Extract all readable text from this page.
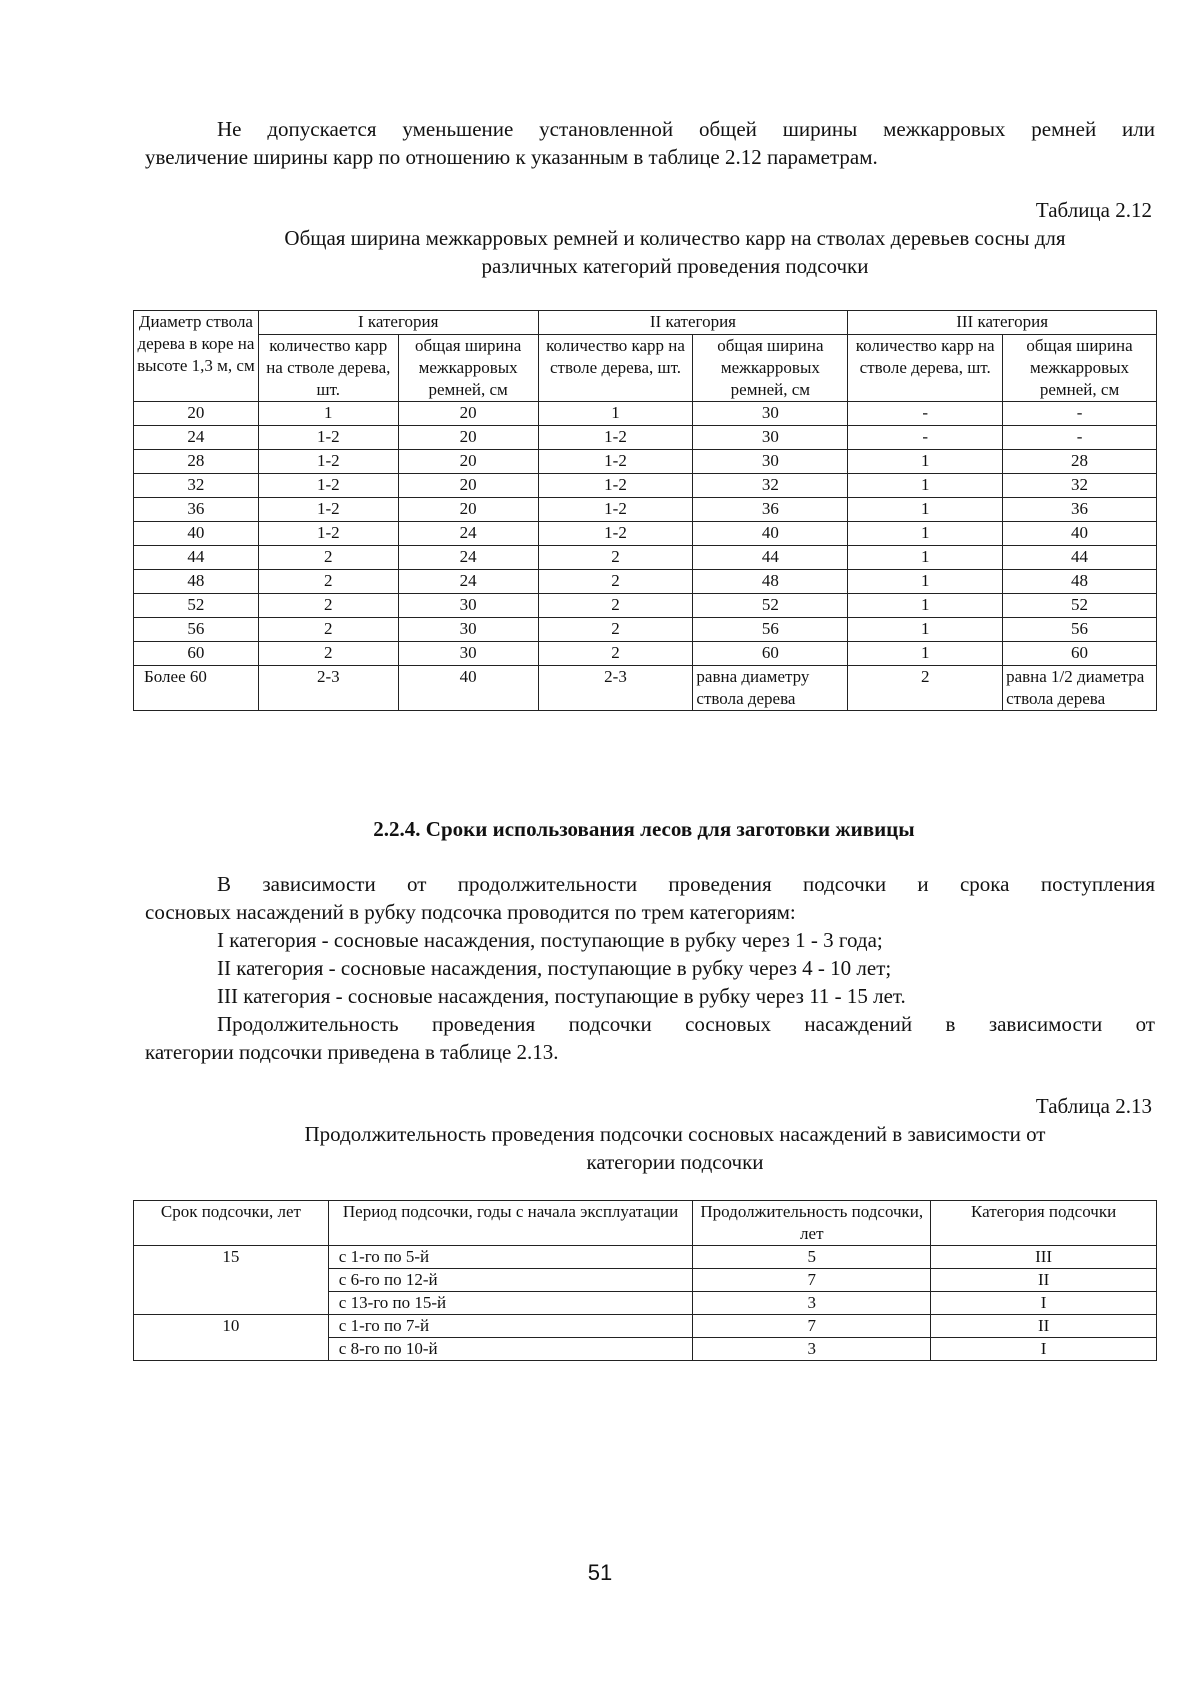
Не допускается уменьшение установленной общей ширины межкарровых ремней или

увеличение ширины карр по отношению к указанным в таблице 2.12 параметрам.

Таблица 2.12

Общая ширина межкарровых ремней и количество карр на стволах деревьев сосны для

различных категорий проведения подсочки

Диаметр ствола дерева в коре на высоте 1,3 м, см	I категория		II категория		III категория	
	количество карр на стволе дерева, шт.	общая ширина межкарровых ремней, см	количество карр на стволе дерева, шт.	общая ширина межкарровых ремней, см	количество карр на стволе дерева, шт.	общая ширина межкарровых ремней, см
20	1	20	1	30	-	-
24	1-2	20	1-2	30	-	-
28	1-2	20	1-2	30	1	28
32	1-2	20	1-2	32	1	32
36	1-2	20	1-2	36	1	36
40	1-2	24	1-2	40	1	40
44	2	24	2	44	1	44
48	2	24	2	48	1	48
52	2	30	2	52	1	52
56	2	30	2	56	1	56
60	2	30	2	60	1	60
Более 60	2-3	40	2-3	равна диаметру ствола дерева	2	равна 1/2 диаметра ствола дерева

2.2.4. Сроки использования лесов для заготовки живицы

В зависимости от продолжительности проведения подсочки и срока поступления

сосновых насаждений в рубку подсочка проводится по трем категориям:

I категория - сосновые насаждения, поступающие в рубку через 1 - 3 года;

II категория - сосновые насаждения, поступающие в рубку через 4 - 10 лет;

III категория - сосновые насаждения, поступающие в рубку через 11 - 15 лет.

Продолжительность проведения подсочки сосновых насаждений в зависимости от

категории подсочки приведена в таблице 2.13.

Таблица 2.13

Продолжительность проведения подсочки сосновых насаждений в зависимости от

категории подсочки

Срок подсочки, лет	Период подсочки, годы с начала эксплуатации	Продолжительность подсочки, лет	Категория подсочки
15	с 1-го по 5-й	5	III
	с 6-го по 12-й	7	II
	с 13-го по 15-й	3	I
10	с 1-го по 7-й	7	II
	с 8-го по 10-й	3	I

51
